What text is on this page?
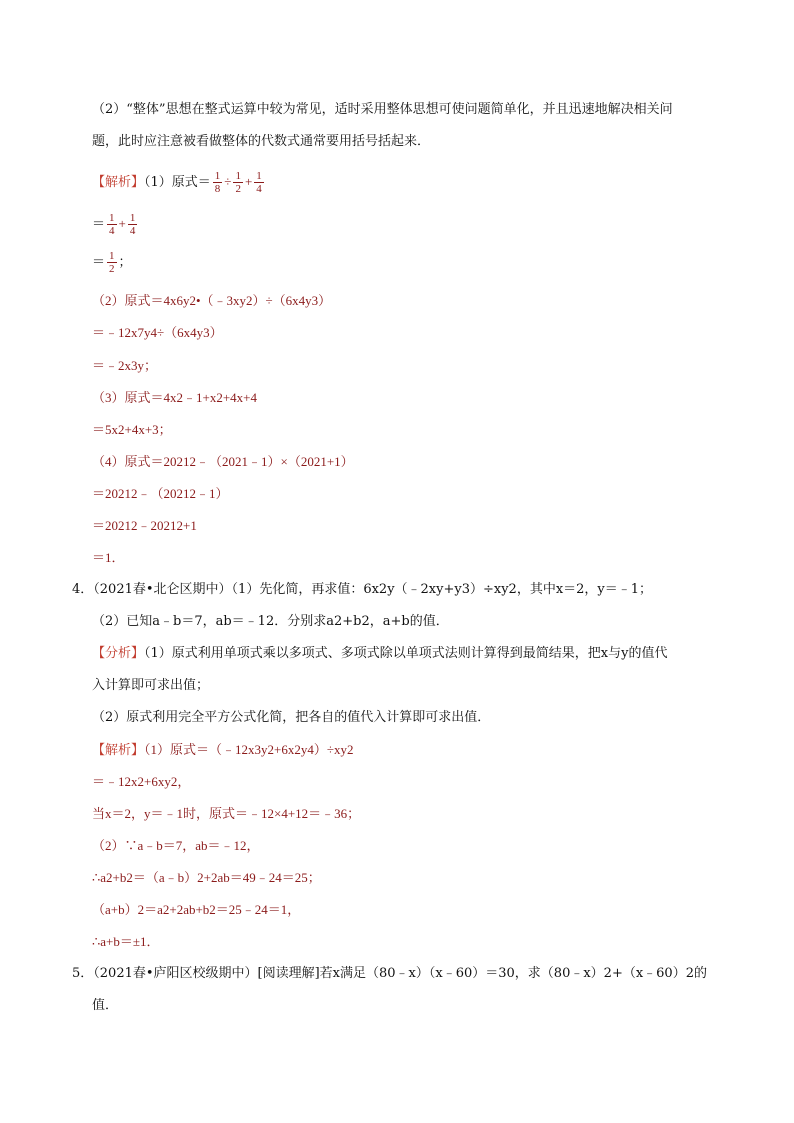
（2）“整体”思想在整式运算中较为常见，适时采用整体思想可使问题简单化，并且迅速地解决相关问
题，此时应注意被看做整体的代数式通常要用括号括起来．
【解析】（1）原式＝ $\frac{1}{8} \div \frac{1}{2} + \frac{1}{4}$
＝ $\frac{1}{4} + \frac{1}{4}$
＝ $\frac{1}{2}$ ；
（2）原式＝4x6y2•（﹣3xy2）÷（6x4y3）
＝﹣12x7y4÷（6x4y3）
＝﹣2x3y；
（3）原式＝4x2﹣1+x2+4x+4
＝5x2+4x+3；
（4）原式＝20212﹣（2021﹣1）×（2021+1）
＝20212﹣（20212﹣1）
＝20212﹣20212+1
＝1．
4．（2021春•北仑区期中）（1）先化简，再求值：6x2y（﹣2xy+y3）÷xy2，其中x＝2，y＝﹣1；
（2）已知a﹣b＝7，ab＝﹣12．分别求a2+b2，a+b的值．
【分析】（1）原式利用单项式乘以多项式、多项式除以单项式法则计算得到最简结果，把x与y的值代
入计算即可求出值；
（2）原式利用完全平方公式化简，把各自的值代入计算即可求出值．
【解析】（1）原式＝（﹣12x3y2+6x2y4）÷xy2
＝﹣12x2+6xy2，
当x＝2，y＝﹣1时，原式＝﹣12×4+12＝﹣36；
（2）∵a﹣b＝7，ab＝﹣12，
∴a2+b2＝（a﹣b）2+2ab＝49﹣24＝25；
（a+b）2＝a2+2ab+b2＝25﹣24＝1，
∴a+b＝±1．
5．（2021春•庐阳区校级期中）[阅读理解]若x满足（80﹣x）（x﹣60）＝30，求（80﹣x）2+（x﹣60）2的
值．
